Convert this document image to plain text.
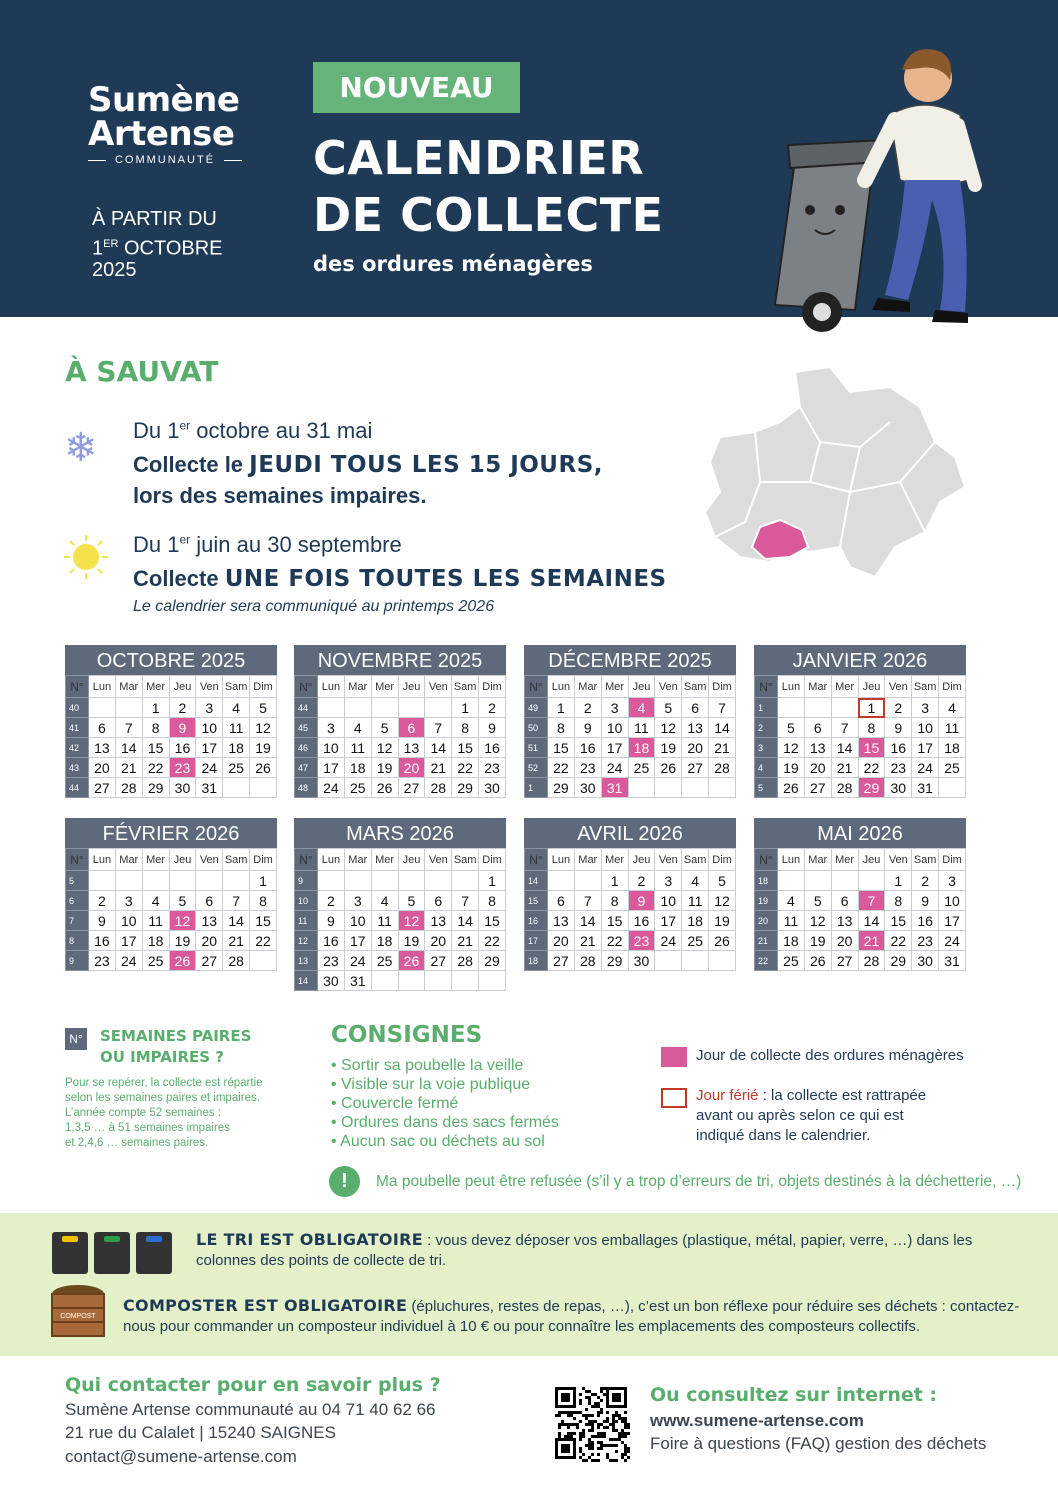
Sumène
Artense
COMMUNAUTÉ
À PARTIR DU
1ER OCTOBRE
2025
NOUVEAU
CALENDRIER
DE COLLECTE
des ordures ménagères
À SAUVAT
❄ Du 1er octobre au 31 mai
Collecte le JEUDI TOUS LES 15 JOURS,
lors des semaines impaires.
Du 1er juin au 30 septembre
Collecte UNE FOIS TOUTES LES SEMAINES
Le calendrier sera communiqué au printemps 2026
OCTOBRE 2025
N°	Lun	Mar	Mer	Jeu	Ven	Sam	Dim
40			1	2	3	4	5
41	6	7	8	9	10	11	12
42	13	14	15	16	17	18	19
43	20	21	22	23	24	25	26
44	27	28	29	30	31		
NOVEMBRE 2025
N°	Lun	Mar	Mer	Jeu	Ven	Sam	Dim
44						1	2
45	3	4	5	6	7	8	9
46	10	11	12	13	14	15	16
47	17	18	19	20	21	22	23
48	24	25	26	27	28	29	30
DÉCEMBRE 2025
N°	Lun	Mar	Mer	Jeu	Ven	Sam	Dim
49	1	2	3	4	5	6	7
50	8	9	10	11	12	13	14
51	15	16	17	18	19	20	21
52	22	23	24	25	26	27	28
1	29	30	31				
JANVIER 2026
N°	Lun	Mar	Mer	Jeu	Ven	Sam	Dim
1				1	2	3	4
2	5	6	7	8	9	10	11
3	12	13	14	15	16	17	18
4	19	20	21	22	23	24	25
5	26	27	28	29	30	31	
FÉVRIER 2026
N°	Lun	Mar	Mer	Jeu	Ven	Sam	Dim
5							1
6	2	3	4	5	6	7	8
7	9	10	11	12	13	14	15
8	16	17	18	19	20	21	22
9	23	24	25	26	27	28	
MARS 2026
N°	Lun	Mar	Mer	Jeu	Ven	Sam	Dim
9							1
10	2	3	4	5	6	7	8
11	9	10	11	12	13	14	15
12	16	17	18	19	20	21	22
13	23	24	25	26	27	28	29
14	30	31					
AVRIL 2026
N°	Lun	Mar	Mer	Jeu	Ven	Sam	Dim
14			1	2	3	4	5
15	6	7	8	9	10	11	12
16	13	14	15	16	17	18	19
17	20	21	22	23	24	25	26
18	27	28	29	30			
MAI 2026
N°	Lun	Mar	Mer	Jeu	Ven	Sam	Dim
18					1	2	3
19	4	5	6	7	8	9	10
20	11	12	13	14	15	16	17
21	18	19	20	21	22	23	24
22	25	26	27	28	29	30	31
N° SEMAINES PAIRES
OU IMPAIRES ?
Pour se repérer, la collecte est répartie
selon les semaines paires et impaires.
L’année compte 52 semaines :
1,3,5 … à 51 semaines impaires
et 2,4,6 … semaines paires.
CONSIGNES
• Sortir sa poubelle la veille
• Visible sur la voie publique
• Couvercle fermé
• Ordures dans des sacs fermés
• Aucun sac ou déchets au sol
Jour de collecte des ordures ménagères
Jour férié : la collecte est rattrapée
avant ou après selon ce qui est
indiqué dans le calendrier.
!	Ma poubelle peut être refusée (s’il y a trop d’erreurs de tri, objets destinés à la déchetterie, …)
LE TRI EST OBLIGATOIRE : vous devez déposer vos emballages (plastique, métal, papier, verre, …) dans les
colonnes des points de collecte de tri.
COMPOST
COMPOSTER EST OBLIGATOIRE (épluchures, restes de repas, …), c’est un bon réflexe pour réduire ses déchets : contactez-
nous pour commander un composteur individuel à 10 € ou pour connaître les emplacements des composteurs collectifs.
Qui contacter pour en savoir plus ?
Sumène Artense communauté au 04 71 40 62 66
21 rue du Calalet | 15240 SAIGNES
contact@sumene-artense.com
Ou consultez sur internet :
www.sumene-artense.com
Foire à questions (FAQ) gestion des déchets
